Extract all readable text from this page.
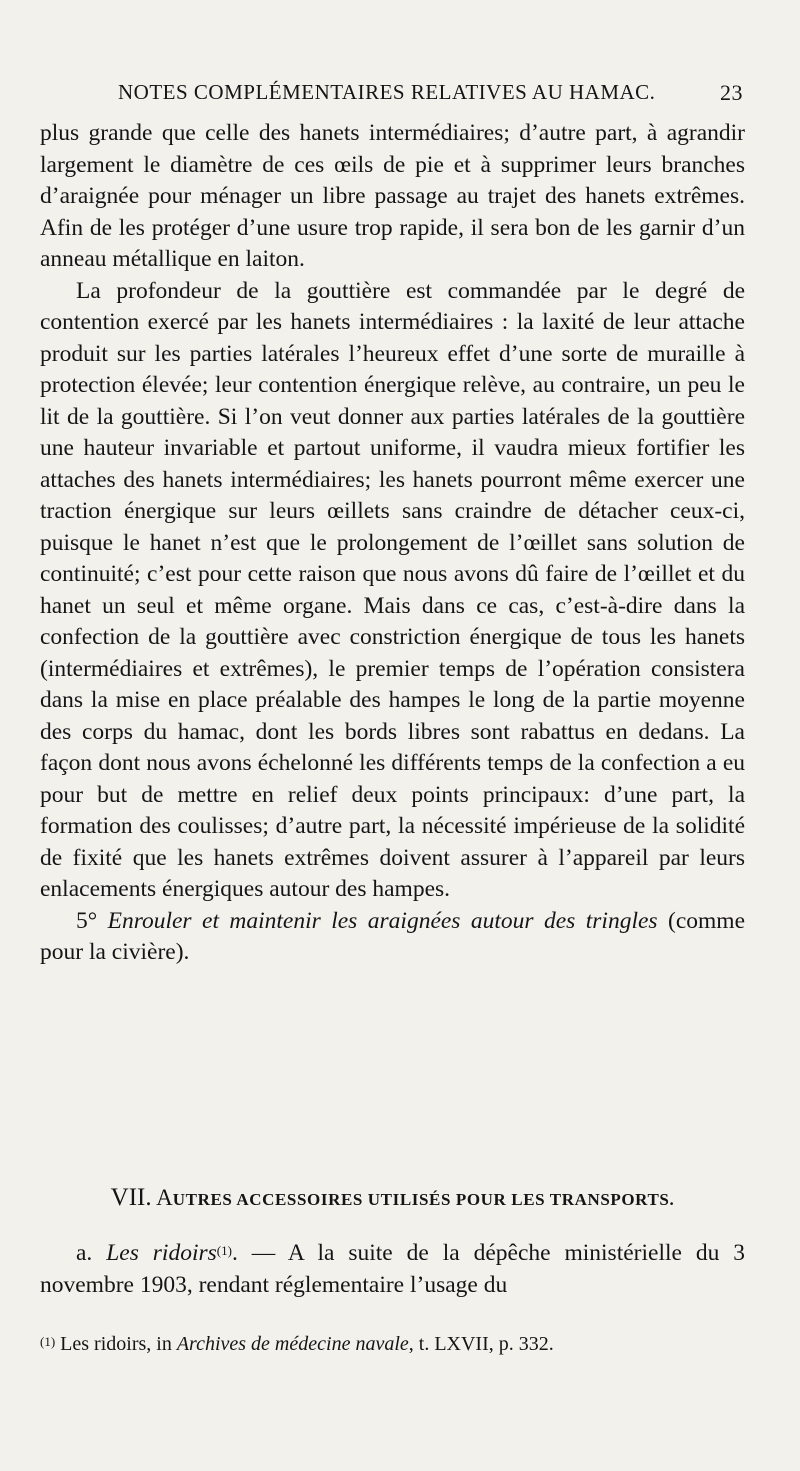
NOTES COMPLÉMENTAIRES RELATIVES AU HAMAC.	23

plus grande que celle des hanets intermédiaires; d’autre part, à agrandir largement le diamètre de ces œils de pie et à supprimer leurs branches d’araignée pour ménager un libre passage au trajet des hanets extrêmes. Afin de les protéger d’une usure trop rapide, il sera bon de les garnir d’un anneau métallique en laiton.

La profondeur de la gouttière est commandée par le degré de contention exercé par les hanets intermédiaires : la laxité de leur attache produit sur les parties latérales l’heureux effet d’une sorte de muraille à protection élevée; leur contention énergique relève, au contraire, un peu le lit de la gouttière. Si l’on veut donner aux parties latérales de la gouttière une hauteur invariable et partout uniforme, il vaudra mieux fortifier les attaches des hanets intermédiaires; les hanets pourront même exercer une traction énergique sur leurs œillets sans craindre de détacher ceux-ci, puisque le hanet n’est que le prolongement de l’œillet sans solution de continuité; c’est pour cette raison que nous avons dû faire de l’œillet et du hanet un seul et même organe. Mais dans ce cas, c’est-à-dire dans la confection de la gouttière avec constriction énergique de tous les hanets (intermédiaires et extrêmes), le premier temps de l’opération consistera dans la mise en place préalable des hampes le long de la partie moyenne des corps du hamac, dont les bords libres sont rabattus en dedans. La façon dont nous avons échelonné les différents temps de la confection a eu pour but de mettre en relief deux points principaux: d’une part, la formation des coulisses; d’autre part, la nécessité impérieuse de la solidité de fixité que les hanets extrêmes doivent assurer à l’appareil par leurs enlacements énergiques autour des hampes.

5° Enrouler et maintenir les araignées autour des tringles (comme pour la civière).

VII. AUTRES ACCESSOIRES UTILISÉS POUR LES TRANSPORTS.

a. Les ridoirs$^{(1)}$. — A la suite de la dépêche ministérielle du 3 novembre 1903, rendant réglementaire l’usage du

$^{(1)}$ Les ridoirs, in Archives de médecine navale, t. LXVII, p. 332.
